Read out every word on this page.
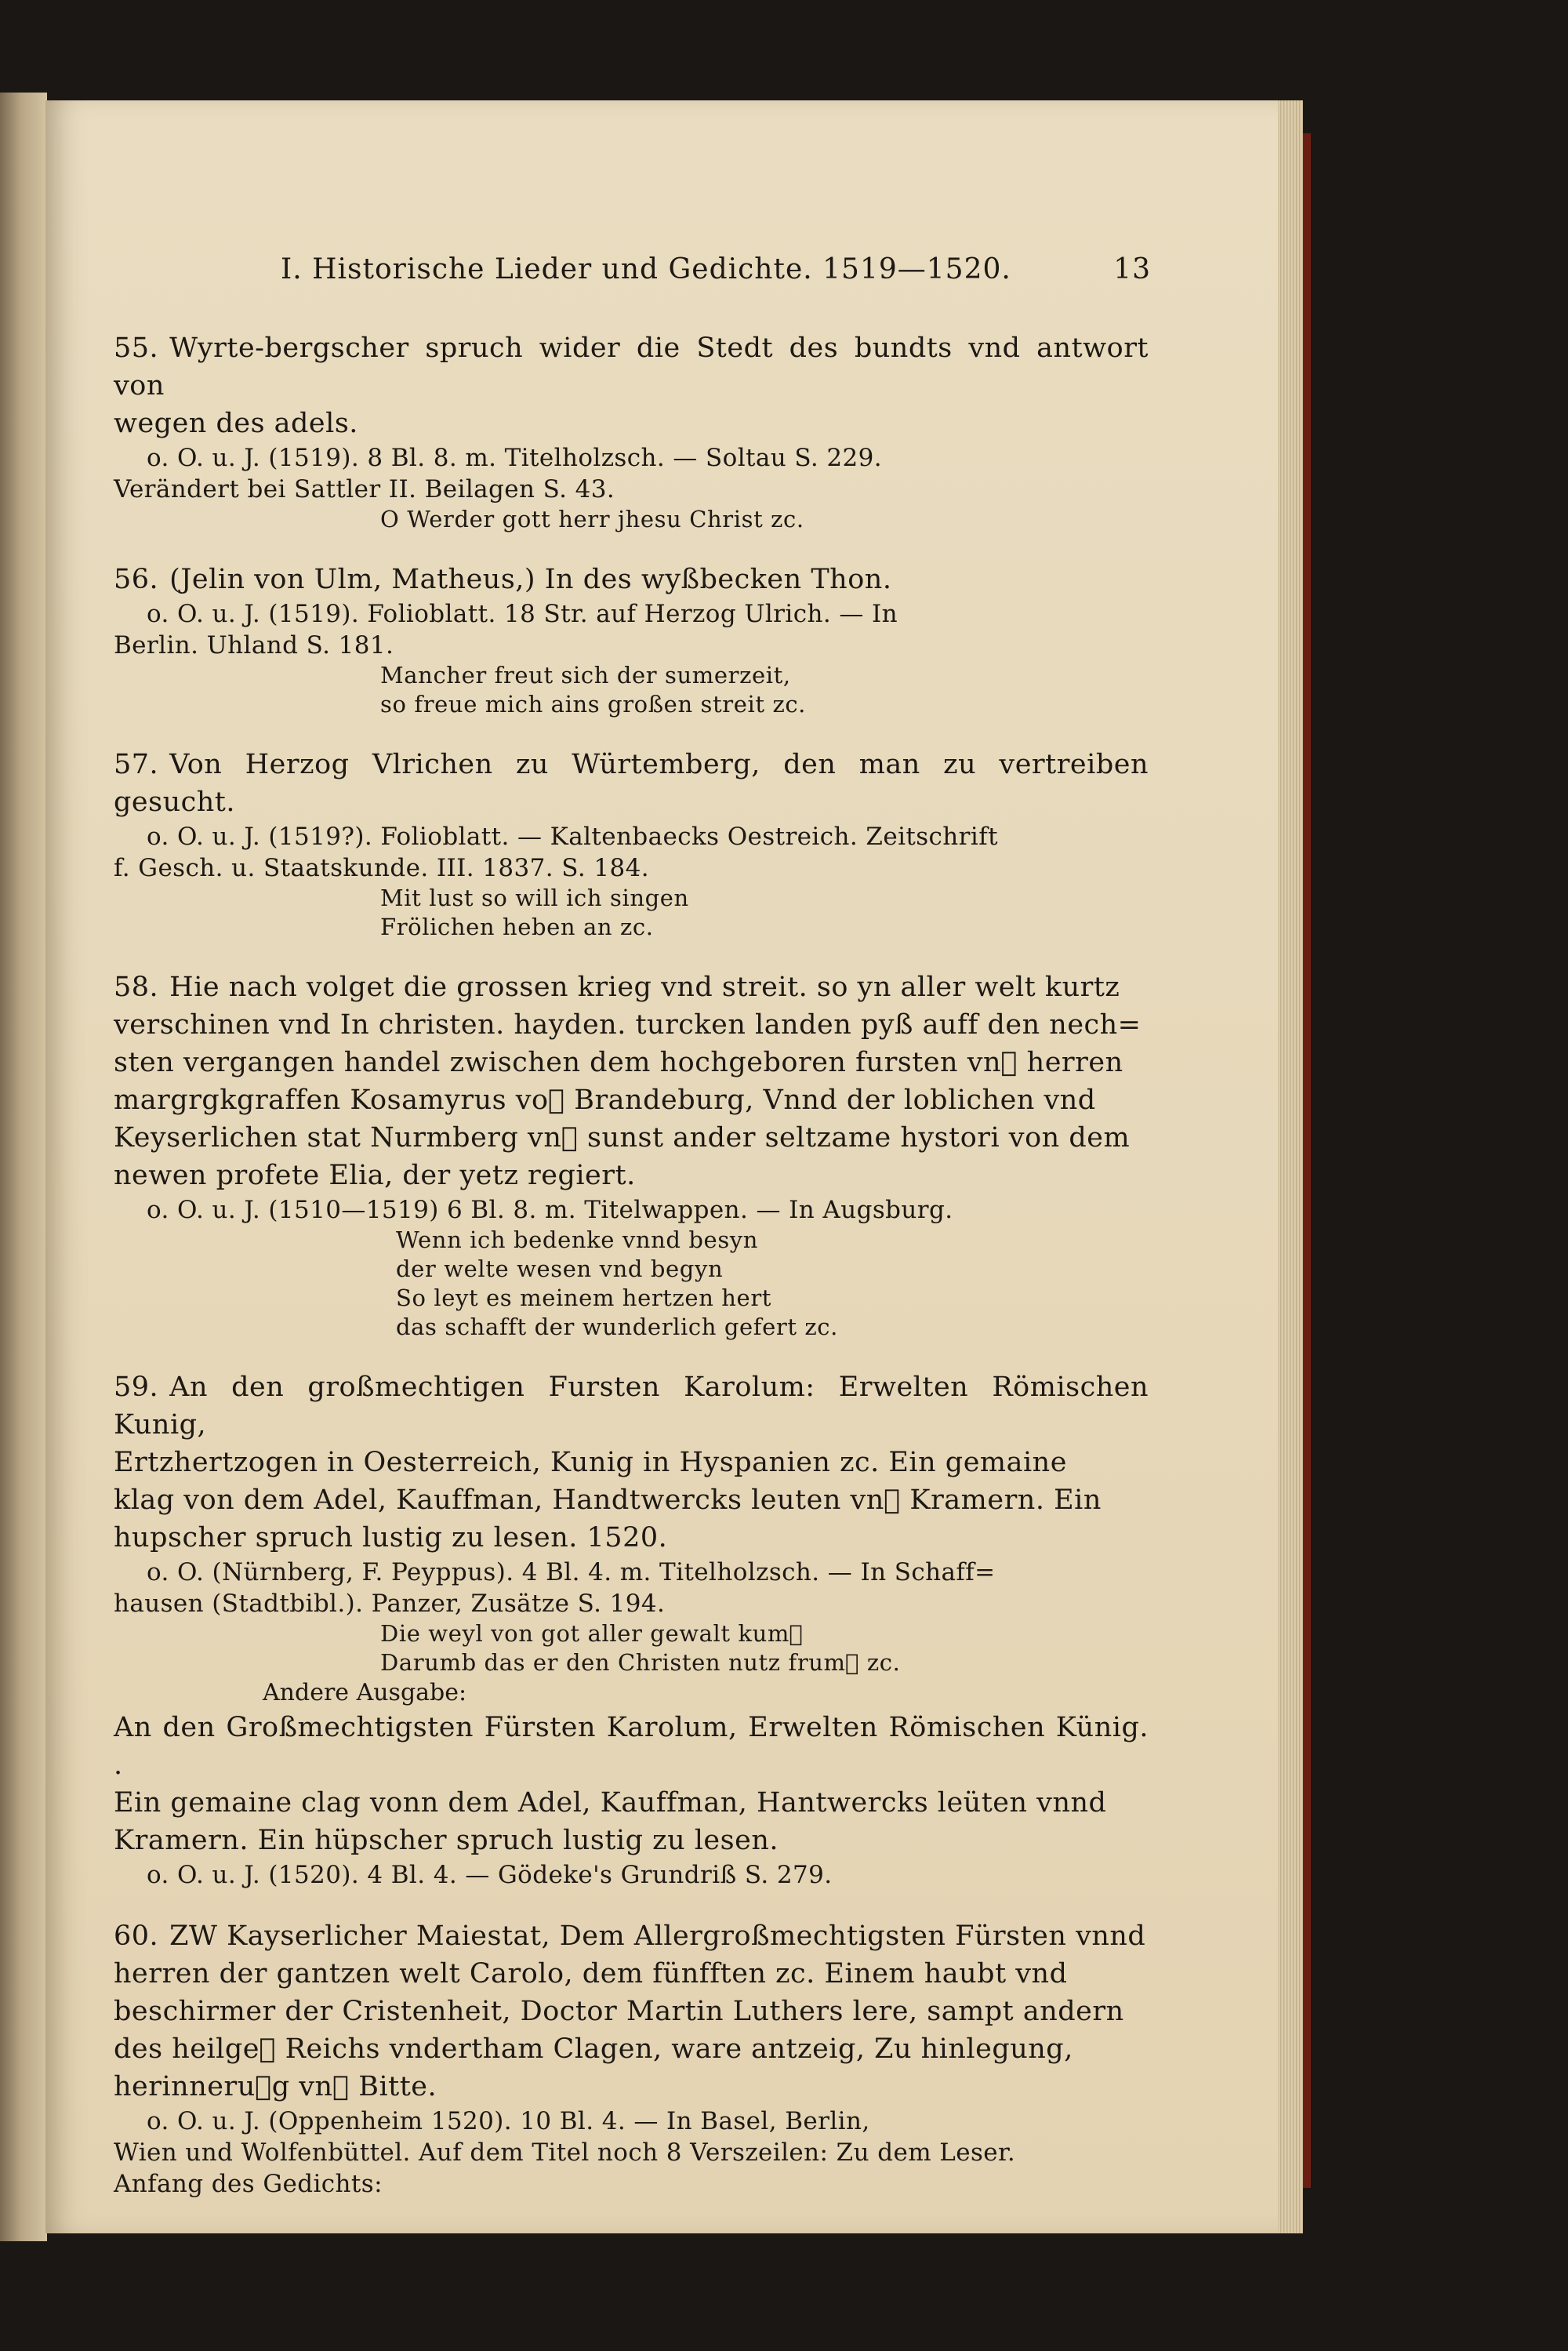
I. Historische Lieder und Gedichte. 1519—1520.	13
55. Wyrte-bergscher spruch wider die Stedt des bundts vnd antwort von
wegen des adels.
o. O. u. J. (1519). 8 Bl. 8. m. Titelholzsch. — Soltau S. 229.
Verändert bei Sattler II. Beilagen S. 43.
O Werder gott herr jhesu Christ zc.
56. (Jelin von Ulm, Matheus,) In des wyßbecken Thon.
o. O. u. J. (1519). Folioblatt. 18 Str. auf Herzog Ulrich. — In
Berlin. Uhland S. 181.
Mancher freut sich der sumerzeit,
so freue mich ains großen streit zc.
57. Von Herzog Vlrichen zu Würtemberg, den man zu vertreiben gesucht.
o. O. u. J. (1519?). Folioblatt. — Kaltenbaecks Oestreich. Zeitschrift
f. Gesch. u. Staatskunde. III. 1837. S. 184.
Mit lust so will ich singen
Frölichen heben an zc.
58. Hie nach volget die grossen krieg vnd streit. so yn aller welt kurtz
verschinen vnd In christen. hayden. turcken landen pyß auff den nech=
sten vergangen handel zwischen dem hochgeboren fursten vn᷑ herren
margrgkgraffen Kosamyrus vo᷑ Brandeburg, Vnnd der loblichen vnd
Keyserlichen stat Nurmberg vn᷑ sunst ander seltzame hystori von dem
newen profete Elia, der yetz regiert.
o. O. u. J. (1510—1519) 6 Bl. 8. m. Titelwappen. — In Augsburg.
Wenn ich bedenke vnnd besyn
der welte wesen vnd begyn
So leyt es meinem hertzen hert
das schafft der wunderlich gefert zc.
59. An den großmechtigen Fursten Karolum: Erwelten Römischen Kunig,
Ertzhertzogen in Oesterreich, Kunig in Hyspanien zc. Ein gemaine
klag von dem Adel, Kauffman, Handtwercks leuten vn᷑ Kramern. Ein
hupscher spruch lustig zu lesen. 1520.
o. O. (Nürnberg, F. Peyppus). 4 Bl. 4. m. Titelholzsch. — In Schaff=
hausen (Stadtbibl.). Panzer, Zusätze S. 194.
Die weyl von got aller gewalt kum᷑
Darumb das er den Christen nutz frum᷑ zc.
Andere Ausgabe:
An den Großmechtigsten Fürsten Karolum, Erwelten Römischen Künig. .
Ein gemaine clag vonn dem Adel, Kauffman, Hantwercks leüten vnnd
Kramern. Ein hüpscher spruch lustig zu lesen.
o. O. u. J. (1520). 4 Bl. 4. — Gödeke's Grundriß S. 279.
60. ZW Kayserlicher Maiestat, Dem Allergroßmechtigsten Fürsten vnnd
herren der gantzen welt Carolo, dem fünfften zc. Einem haubt vnd
beschirmer der Cristenheit, Doctor Martin Luthers lere, sampt andern
des heilge᷑ Reichs vndertham Clagen, ware antzeig, Zu hinlegung,
herinneru᷑g vn᷑ Bitte.
o. O. u. J. (Oppenheim 1520). 10 Bl. 4. — In Basel, Berlin,
Wien und Wolfenbüttel. Auf dem Titel noch 8 Verszeilen: Zu dem Leser.
Anfang des Gedichts:
